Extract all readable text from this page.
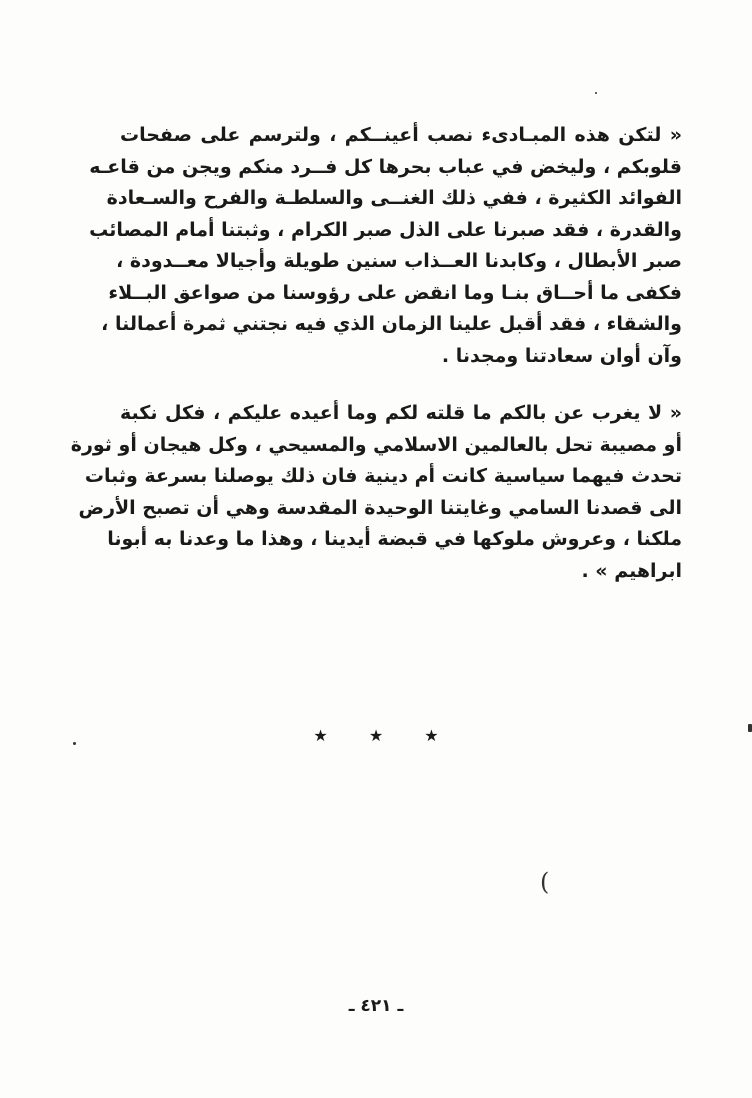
« لتكن هذه المبـادىء نصب أعينــكم ، ولترسم على صفحات
قلوبكم ، وليخض في عباب بحرها كل فــرد منكم ويجن من قاعـه
الفوائد الكثيرة ، ففي ذلك الغنــى والسلطـة والفرح والسـعادة
والقدرة ، فقد صبرنا على الذل صبر الكرام ، وثبتنا أمام المصائب
صبر الأبطال ، وكابدنا العــذاب سنين طويلة وأجيالا معــدودة ،
فكفى ما أحــاق بنـا وما انقض على رؤوسنا من صواعق البــلاء
والشقاء ، فقد أقبل علينا الزمان الذي فيه نجتني ثمرة أعمالنا ،
وآن أوان سعادتنا ومجدنا .
« لا يغرب عن بالكم ما قلته لكم وما أعيده عليكم ، فكل نكبة
أو مصيبة تحل بالعالمين الاسلامي والمسيحي ، وكل هيجان أو ثورة
تحدث فيهما سياسية كانت أم دينية فان ذلك يوصلنا بسرعة وثبات
الى قصدنا السامي وغايتنا الوحيدة المقدسة وهي أن تصبح الأرض
ملكنا ، وعروش ملوكها في قبضة أيدينا ، وهذا ما وعدنا به أبونا
ابراهيم » .
★ ★ ★
ـ ٤٢١ ـ
(
